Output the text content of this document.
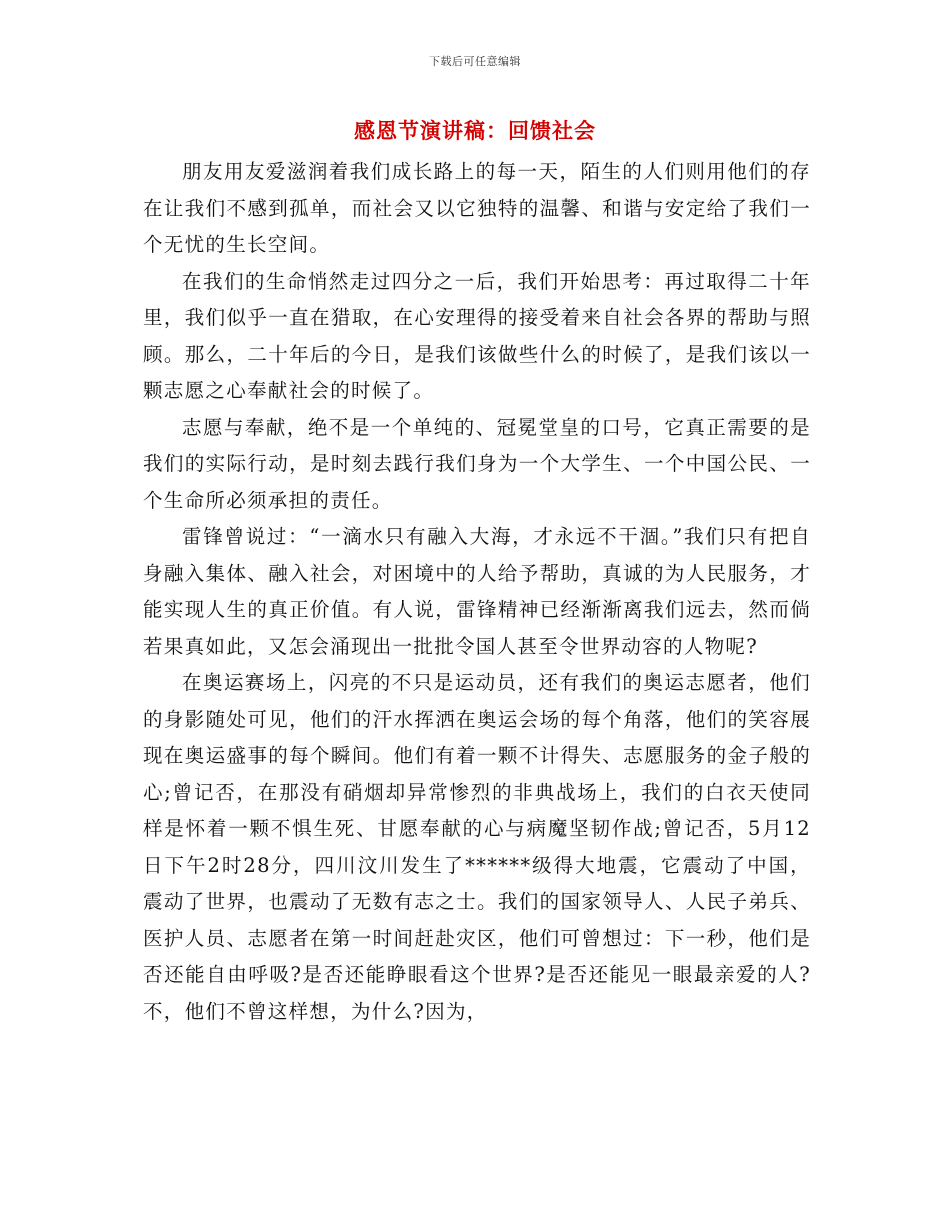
下载后可任意编辑
感恩节演讲稿：回馈社会

朋友用友爱滋润着我们成长路上的每一天，陌生的人们则用他们的存在让我们不感到孤单，而社会又以它独特的温馨、和谐与安定给了我们一个无忧的生长空间。

在我们的生命悄然走过四分之一后，我们开始思考：再过取得二十年里，我们似乎一直在猎取，在心安理得的接受着来自社会各界的帮助与照顾。那么，二十年后的今日，是我们该做些什么的时候了，是我们该以一颗志愿之心奉献社会的时候了。

志愿与奉献，绝不是一个单纯的、冠冕堂皇的口号，它真正需要的是我们的实际行动，是时刻去践行我们身为一个大学生、一个中国公民、一个生命所必须承担的责任。

雷锋曾说过：“一滴水只有融入大海，才永远不干涸。”我们只有把自身融入集体、融入社会，对困境中的人给予帮助，真诚的为人民服务，才能实现人生的真正价值。有人说，雷锋精神已经渐渐离我们远去，然而倘若果真如此，又怎会涌现出一批批令国人甚至令世界动容的人物呢?

在奥运赛场上，闪亮的不只是运动员，还有我们的奥运志愿者，他们的身影随处可见，他们的汗水挥洒在奥运会场的每个角落，他们的笑容展现在奥运盛事的每个瞬间。他们有着一颗不计得失、志愿服务的金子般的心;曾记否，在那没有硝烟却异常惨烈的非典战场上，我们的白衣天使同样是怀着一颗不惧生死、甘愿奉献的心与病魔坚韧作战;曾记否，5月12日下午2时28分，四川汶川发生了******级得大地震，它震动了中国，震动了世界，也震动了无数有志之士。我们的国家领导人、人民子弟兵、医护人员、志愿者在第一时间赶赴灾区，他们可曾想过：下一秒，他们是否还能自由呼吸?是否还能睁眼看这个世界?是否还能见一眼最亲爱的人?不，他们不曾这样想，为什么?因为，
